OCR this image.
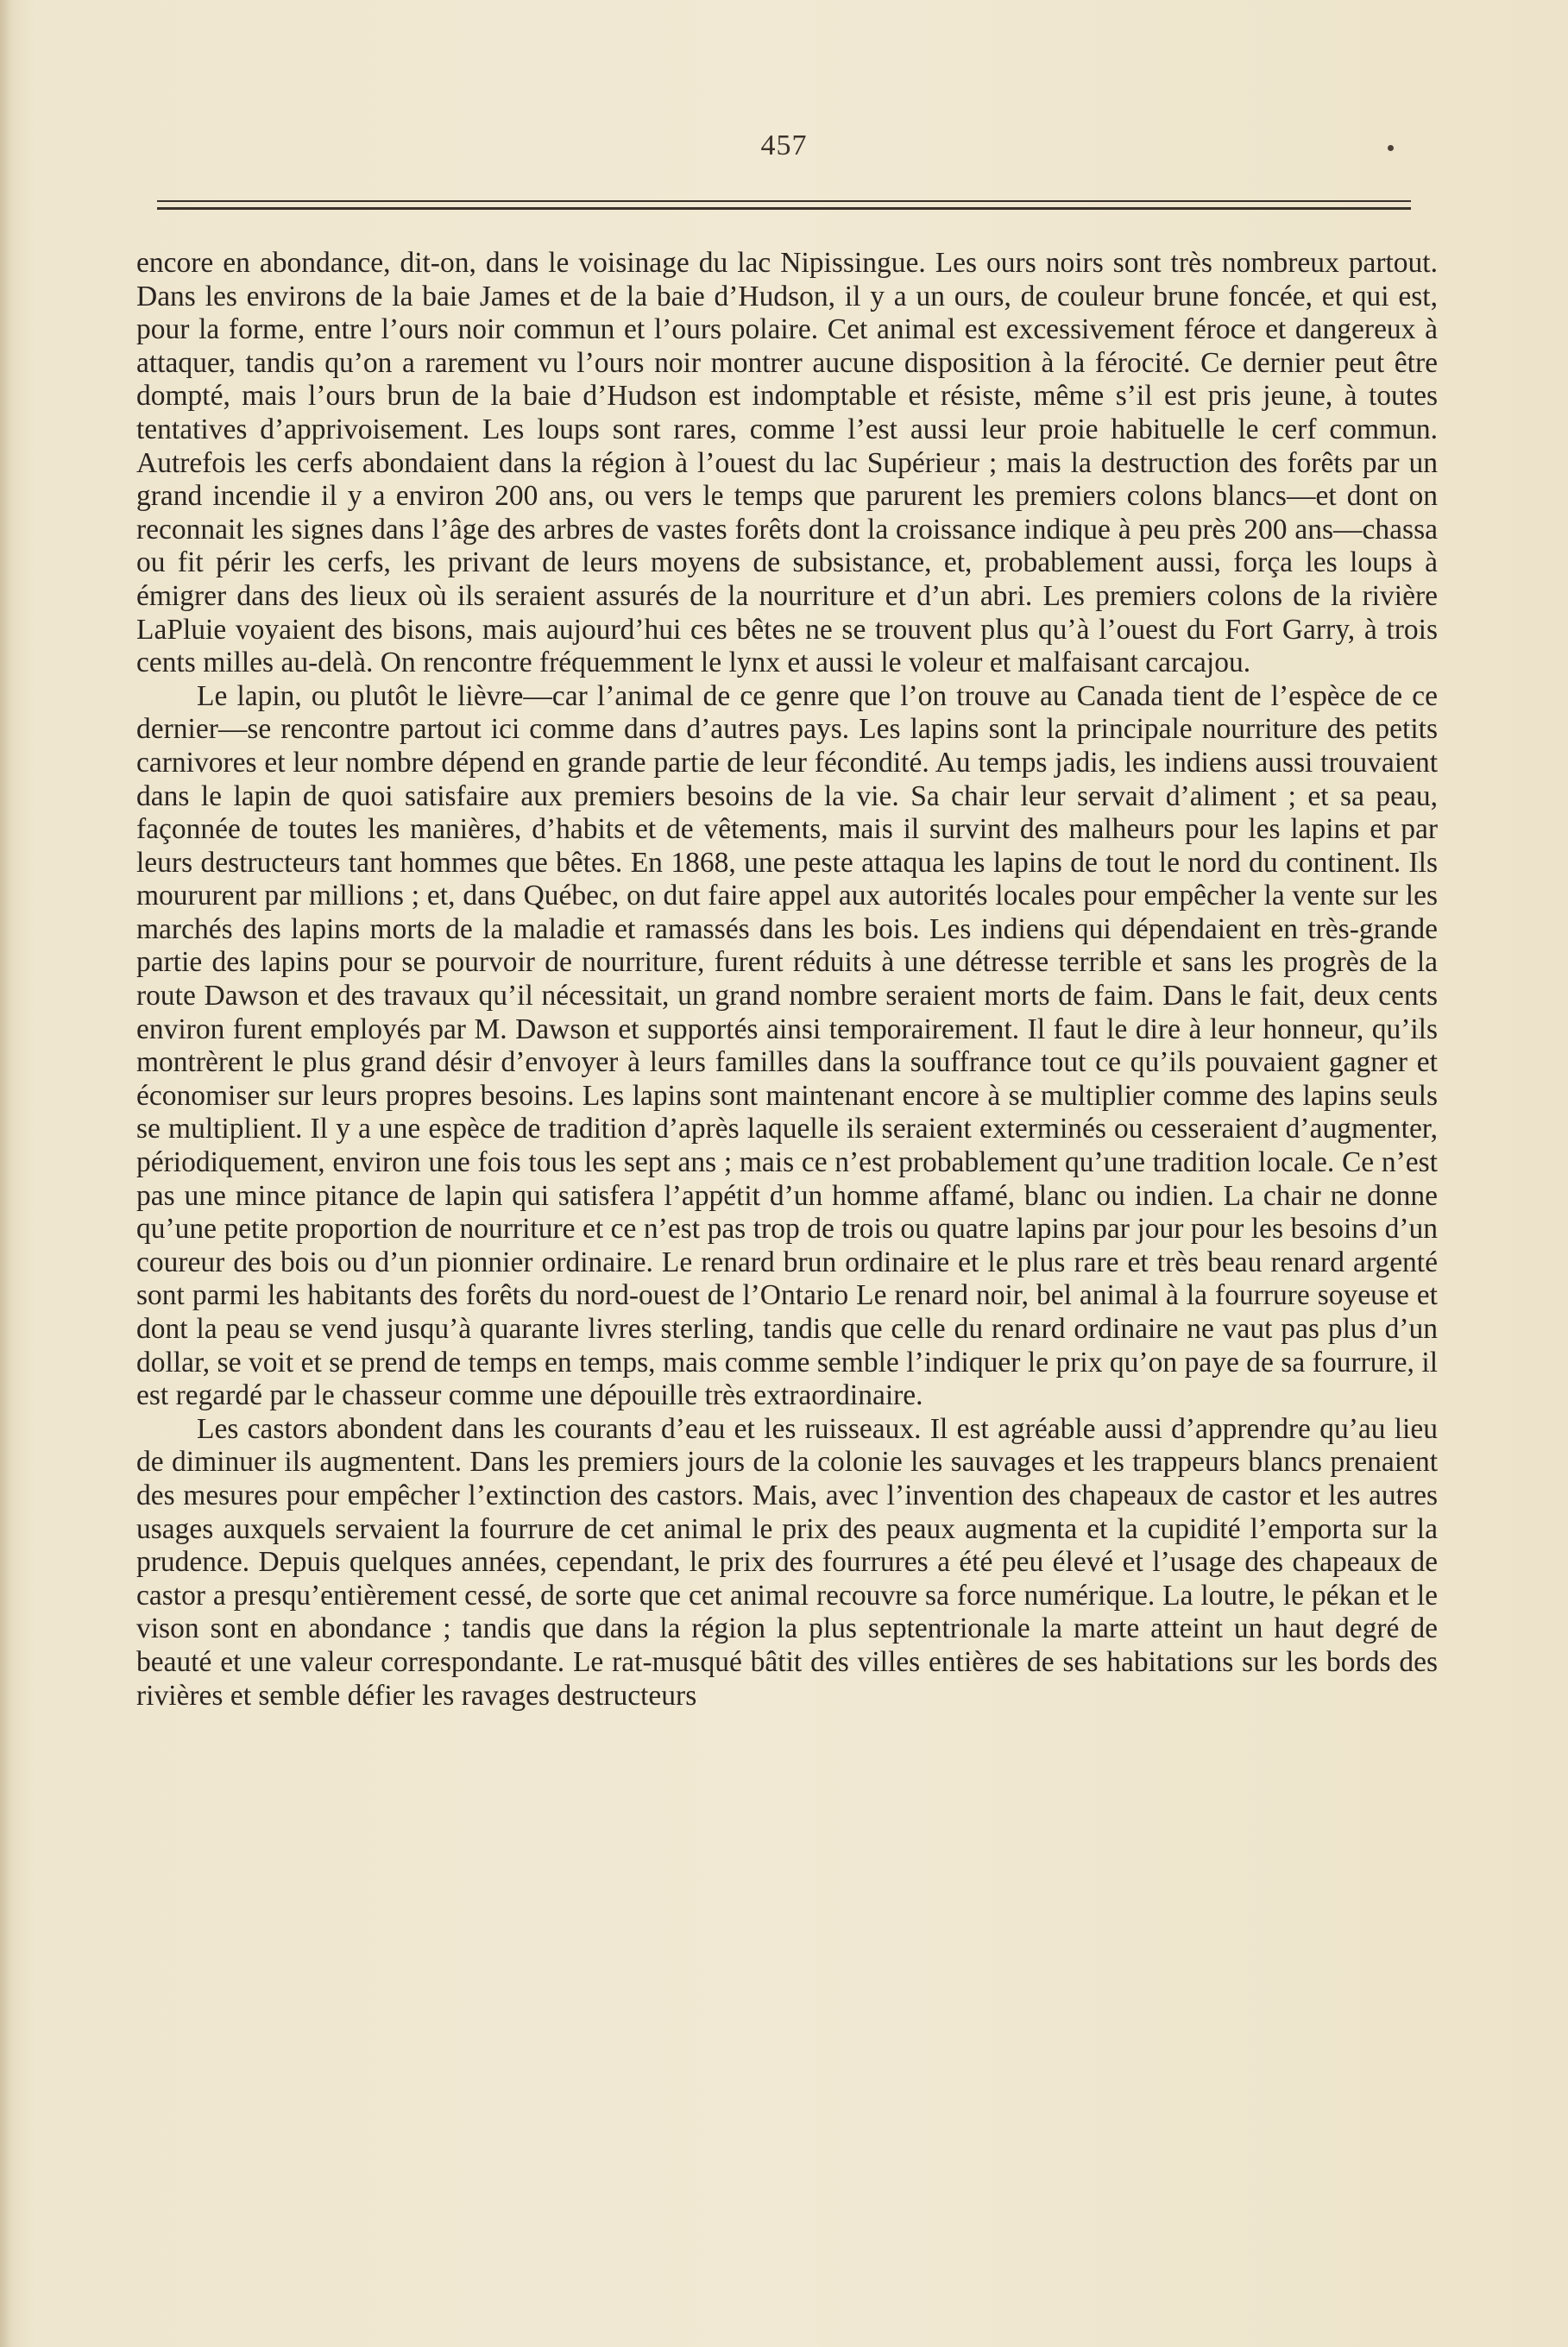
457

encore en abondance, dit-on, dans le voisinage du lac Nipissingue. Les ours noirs sont très nombreux partout. Dans les environs de la baie James et de la baie d’Hudson, il y a un ours, de couleur brune foncée, et qui est, pour la forme, entre l’ours noir commun et l’ours polaire. Cet animal est excessivement féroce et dangereux à attaquer, tandis qu’on a rarement vu l’ours noir montrer aucune disposition à la férocité. Ce dernier peut être dompté, mais l’ours brun de la baie d’Hudson est indomptable et résiste, même s’il est pris jeune, à toutes tentatives d’apprivoisement. Les loups sont rares, comme l’est aussi leur proie habituelle le cerf commun. Autrefois les cerfs abondaient dans la région à l’ouest du lac Supérieur ; mais la destruction des forêts par un grand incendie il y a environ 200 ans, ou vers le temps que parurent les premiers colons blancs—et dont on reconnait les signes dans l’âge des arbres de vastes forêts dont la croissance indique à peu près 200 ans—chassa ou fit périr les cerfs, les privant de leurs moyens de subsistance, et, probablement aussi, força les loups à émigrer dans des lieux où ils seraient assurés de la nourriture et d’un abri. Les premiers colons de la rivière LaPluie voyaient des bisons, mais aujourd’hui ces bêtes ne se trouvent plus qu’à l’ouest du Fort Garry, à trois cents milles au-delà. On rencontre fréquemment le lynx et aussi le voleur et malfaisant carcajou.

Le lapin, ou plutôt le lièvre—car l’animal de ce genre que l’on trouve au Canada tient de l’espèce de ce dernier—se rencontre partout ici comme dans d’autres pays. Les lapins sont la principale nourriture des petits carnivores et leur nombre dépend en grande partie de leur fécondité. Au temps jadis, les indiens aussi trouvaient dans le lapin de quoi satisfaire aux premiers besoins de la vie. Sa chair leur servait d’aliment ; et sa peau, façonnée de toutes les manières, d’habits et de vêtements, mais il survint des malheurs pour les lapins et par leurs destructeurs tant hommes que bêtes. En 1868, une peste attaqua les lapins de tout le nord du continent. Ils moururent par millions ; et, dans Québec, on dut faire appel aux autorités locales pour empêcher la vente sur les marchés des lapins morts de la maladie et ramassés dans les bois. Les indiens qui dépendaient en très-grande partie des lapins pour se pourvoir de nourriture, furent réduits à une détresse terrible et sans les progrès de la route Dawson et des travaux qu’il nécessitait, un grand nombre seraient morts de faim. Dans le fait, deux cents environ furent employés par M. Dawson et supportés ainsi temporairement. Il faut le dire à leur honneur, qu’ils montrèrent le plus grand désir d’envoyer à leurs familles dans la souffrance tout ce qu’ils pouvaient gagner et économiser sur leurs propres besoins. Les lapins sont maintenant encore à se multiplier comme des lapins seuls se multiplient. Il y a une espèce de tradition d’après laquelle ils seraient exterminés ou cesseraient d’augmenter, périodiquement, environ une fois tous les sept ans ; mais ce n’est probablement qu’une tradition locale. Ce n’est pas une mince pitance de lapin qui satisfera l’appétit d’un homme affamé, blanc ou indien. La chair ne donne qu’une petite proportion de nourriture et ce n’est pas trop de trois ou quatre lapins par jour pour les besoins d’un coureur des bois ou d’un pionnier ordinaire. Le renard brun ordinaire et le plus rare et très beau renard argenté sont parmi les habitants des forêts du nord-ouest de l’Ontario Le renard noir, bel animal à la fourrure soyeuse et dont la peau se vend jusqu’à quarante livres sterling, tandis que celle du renard ordinaire ne vaut pas plus d’un dollar, se voit et se prend de temps en temps, mais comme semble l’indiquer le prix qu’on paye de sa fourrure, il est regardé par le chasseur comme une dépouille très extraordinaire.

Les castors abondent dans les courants d’eau et les ruisseaux. Il est agréable aussi d’apprendre qu’au lieu de diminuer ils augmentent. Dans les premiers jours de la colonie les sauvages et les trappeurs blancs prenaient des mesures pour empêcher l’extinction des castors. Mais, avec l’invention des chapeaux de castor et les autres usages auxquels servaient la fourrure de cet animal le prix des peaux augmenta et la cupidité l’emporta sur la prudence. Depuis quelques années, cependant, le prix des fourrures a été peu élevé et l’usage des chapeaux de castor a presqu’entièrement cessé, de sorte que cet animal recouvre sa force numérique. La loutre, le pékan et le vison sont en abondance ; tandis que dans la région la plus septentrionale la marte atteint un haut degré de beauté et une valeur correspondante. Le rat-musqué bâtit des villes entières de ses habitations sur les bords des rivières et semble défier les ravages destructeurs
